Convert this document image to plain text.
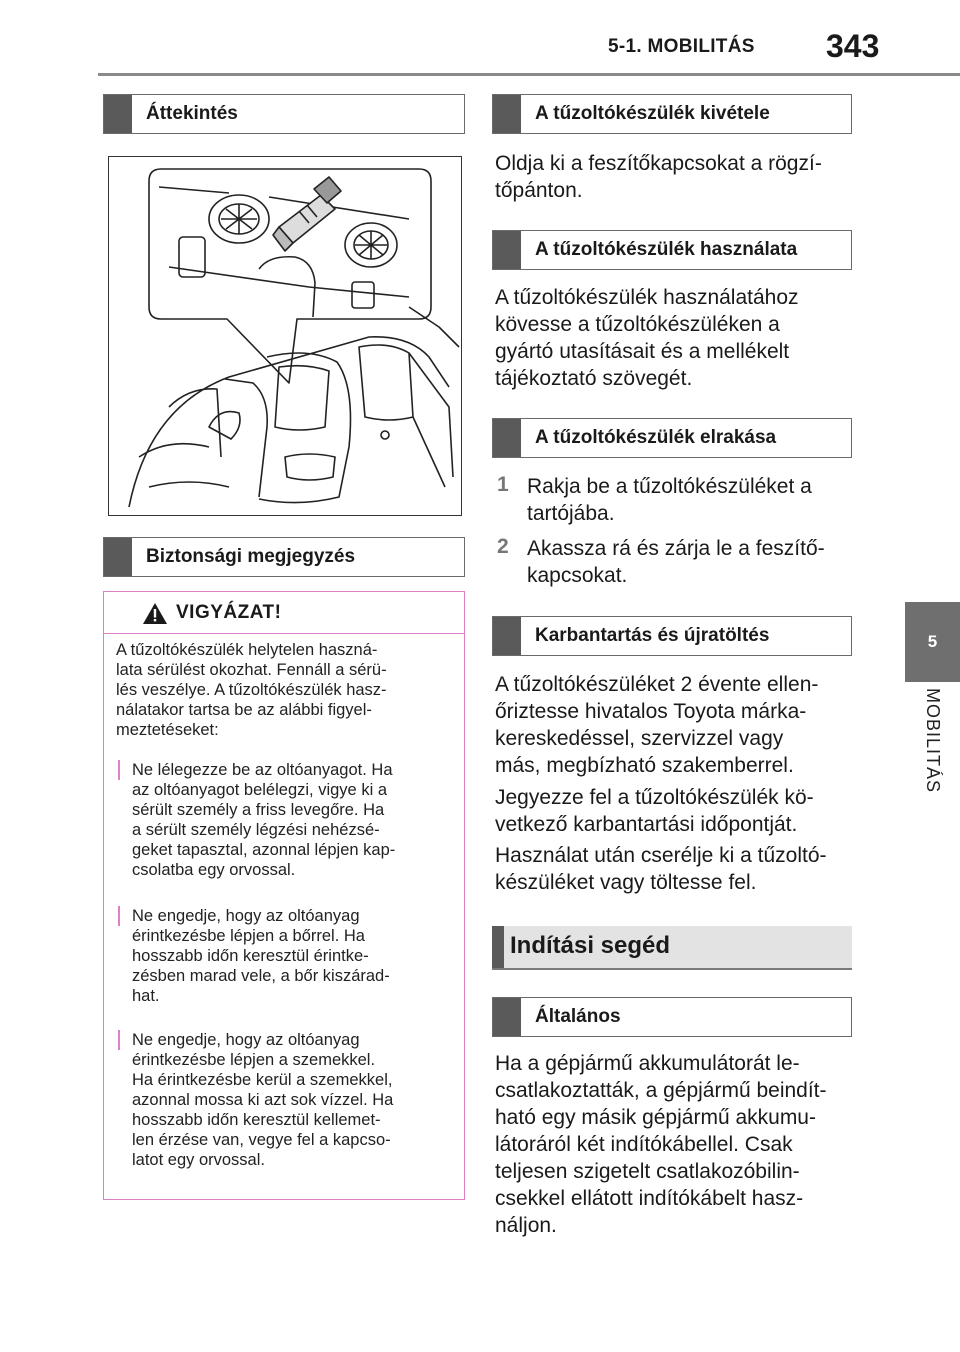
5-1. MOBILITÁS 343
5
MOBILITÁS
Áttekintés
Biztonsági megjegyzés
VIGYÁZAT!
A tűzoltókészülék helytelen haszná-
lata sérülést okozhat. Fennáll a sérü-
lés veszélye. A tűzoltókészülék hasz-
nálatakor tartsa be az alábbi figyel-
meztetéseket:
Ne lélegezze be az oltóanyagot. Ha
az oltóanyagot belélegzi, vigye ki a
sérült személy a friss levegőre. Ha
a sérült személy légzési nehézsé-
geket tapasztal, azonnal lépjen kap-
csolatba egy orvossal.
Ne engedje, hogy az oltóanyag
érintkezésbe lépjen a bőrrel. Ha
hosszabb időn keresztül érintke-
zésben marad vele, a bőr kiszárad-
hat.
Ne engedje, hogy az oltóanyag
érintkezésbe lépjen a szemekkel.
Ha érintkezésbe kerül a szemekkel,
azonnal mossa ki azt sok vízzel. Ha
hosszabb időn keresztül kellemet-
len érzése van, vegye fel a kapcso-
latot egy orvossal.
A tűzoltókészülék kivétele
Oldja ki a feszítőkapcsokat a rögzí-
tőpánton.
A tűzoltókészülék használata
A tűzoltókészülék használatához
kövesse a tűzoltókészüléken a
gyártó utasításait és a mellékelt
tájékoztató szövegét.
A tűzoltókészülék elrakása
1 Rakja be a tűzoltókészüléket a
tartójába.
2 Akassza rá és zárja le a feszítő-
kapcsokat.
Karbantartás és újratöltés
A tűzoltókészüléket 2 évente ellen-
őriztesse hivatalos Toyota márka-
kereskedéssel, szervizzel vagy
más, megbízható szakemberrel.
Jegyezze fel a tűzoltókészülék kö-
vetkező karbantartási időpontját.
Használat után cserélje ki a tűzoltó-
készüléket vagy töltesse fel.
Indítási segéd
Általános
Ha a gépjármű akkumulátorát le-
csatlakoztatták, a gépjármű beindít-
ható egy másik gépjármű akkumu-
látoráról két indítókábellel. Csak
teljesen szigetelt csatlakozóbilin-
csekkel ellátott indítókábelt hasz-
náljon.
